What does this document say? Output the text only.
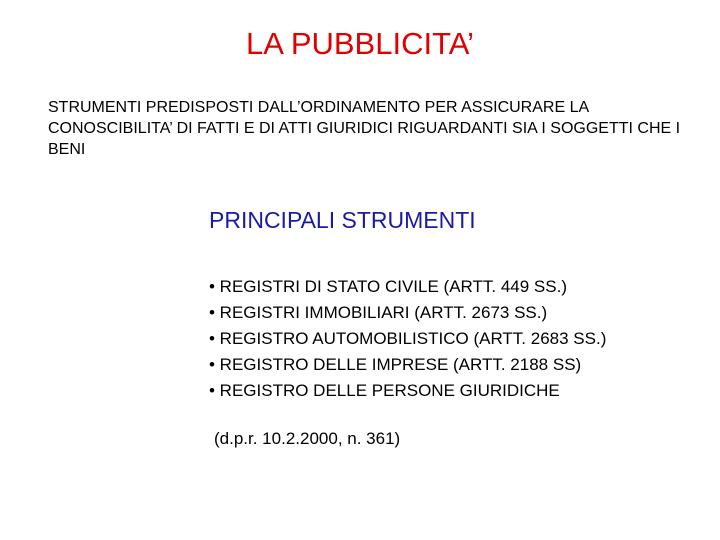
LA PUBBLICITA’
STRUMENTI PREDISPOSTI DALL’ORDINAMENTO PER ASSICURARE LA CONOSCIBILITA’ DI FATTI E DI ATTI GIURIDICI RIGUARDANTI SIA I SOGGETTI CHE I BENI
PRINCIPALI STRUMENTI
• REGISTRI DI STATO CIVILE (ARTT. 449 SS.)
• REGISTRI IMMOBILIARI (ARTT. 2673 SS.)
• REGISTRO AUTOMOBILISTICO (ARTT. 2683 SS.)
• REGISTRO DELLE IMPRESE (ARTT. 2188 SS)
• REGISTRO DELLE PERSONE GIURIDICHE
(d.p.r. 10.2.2000, n. 361)
